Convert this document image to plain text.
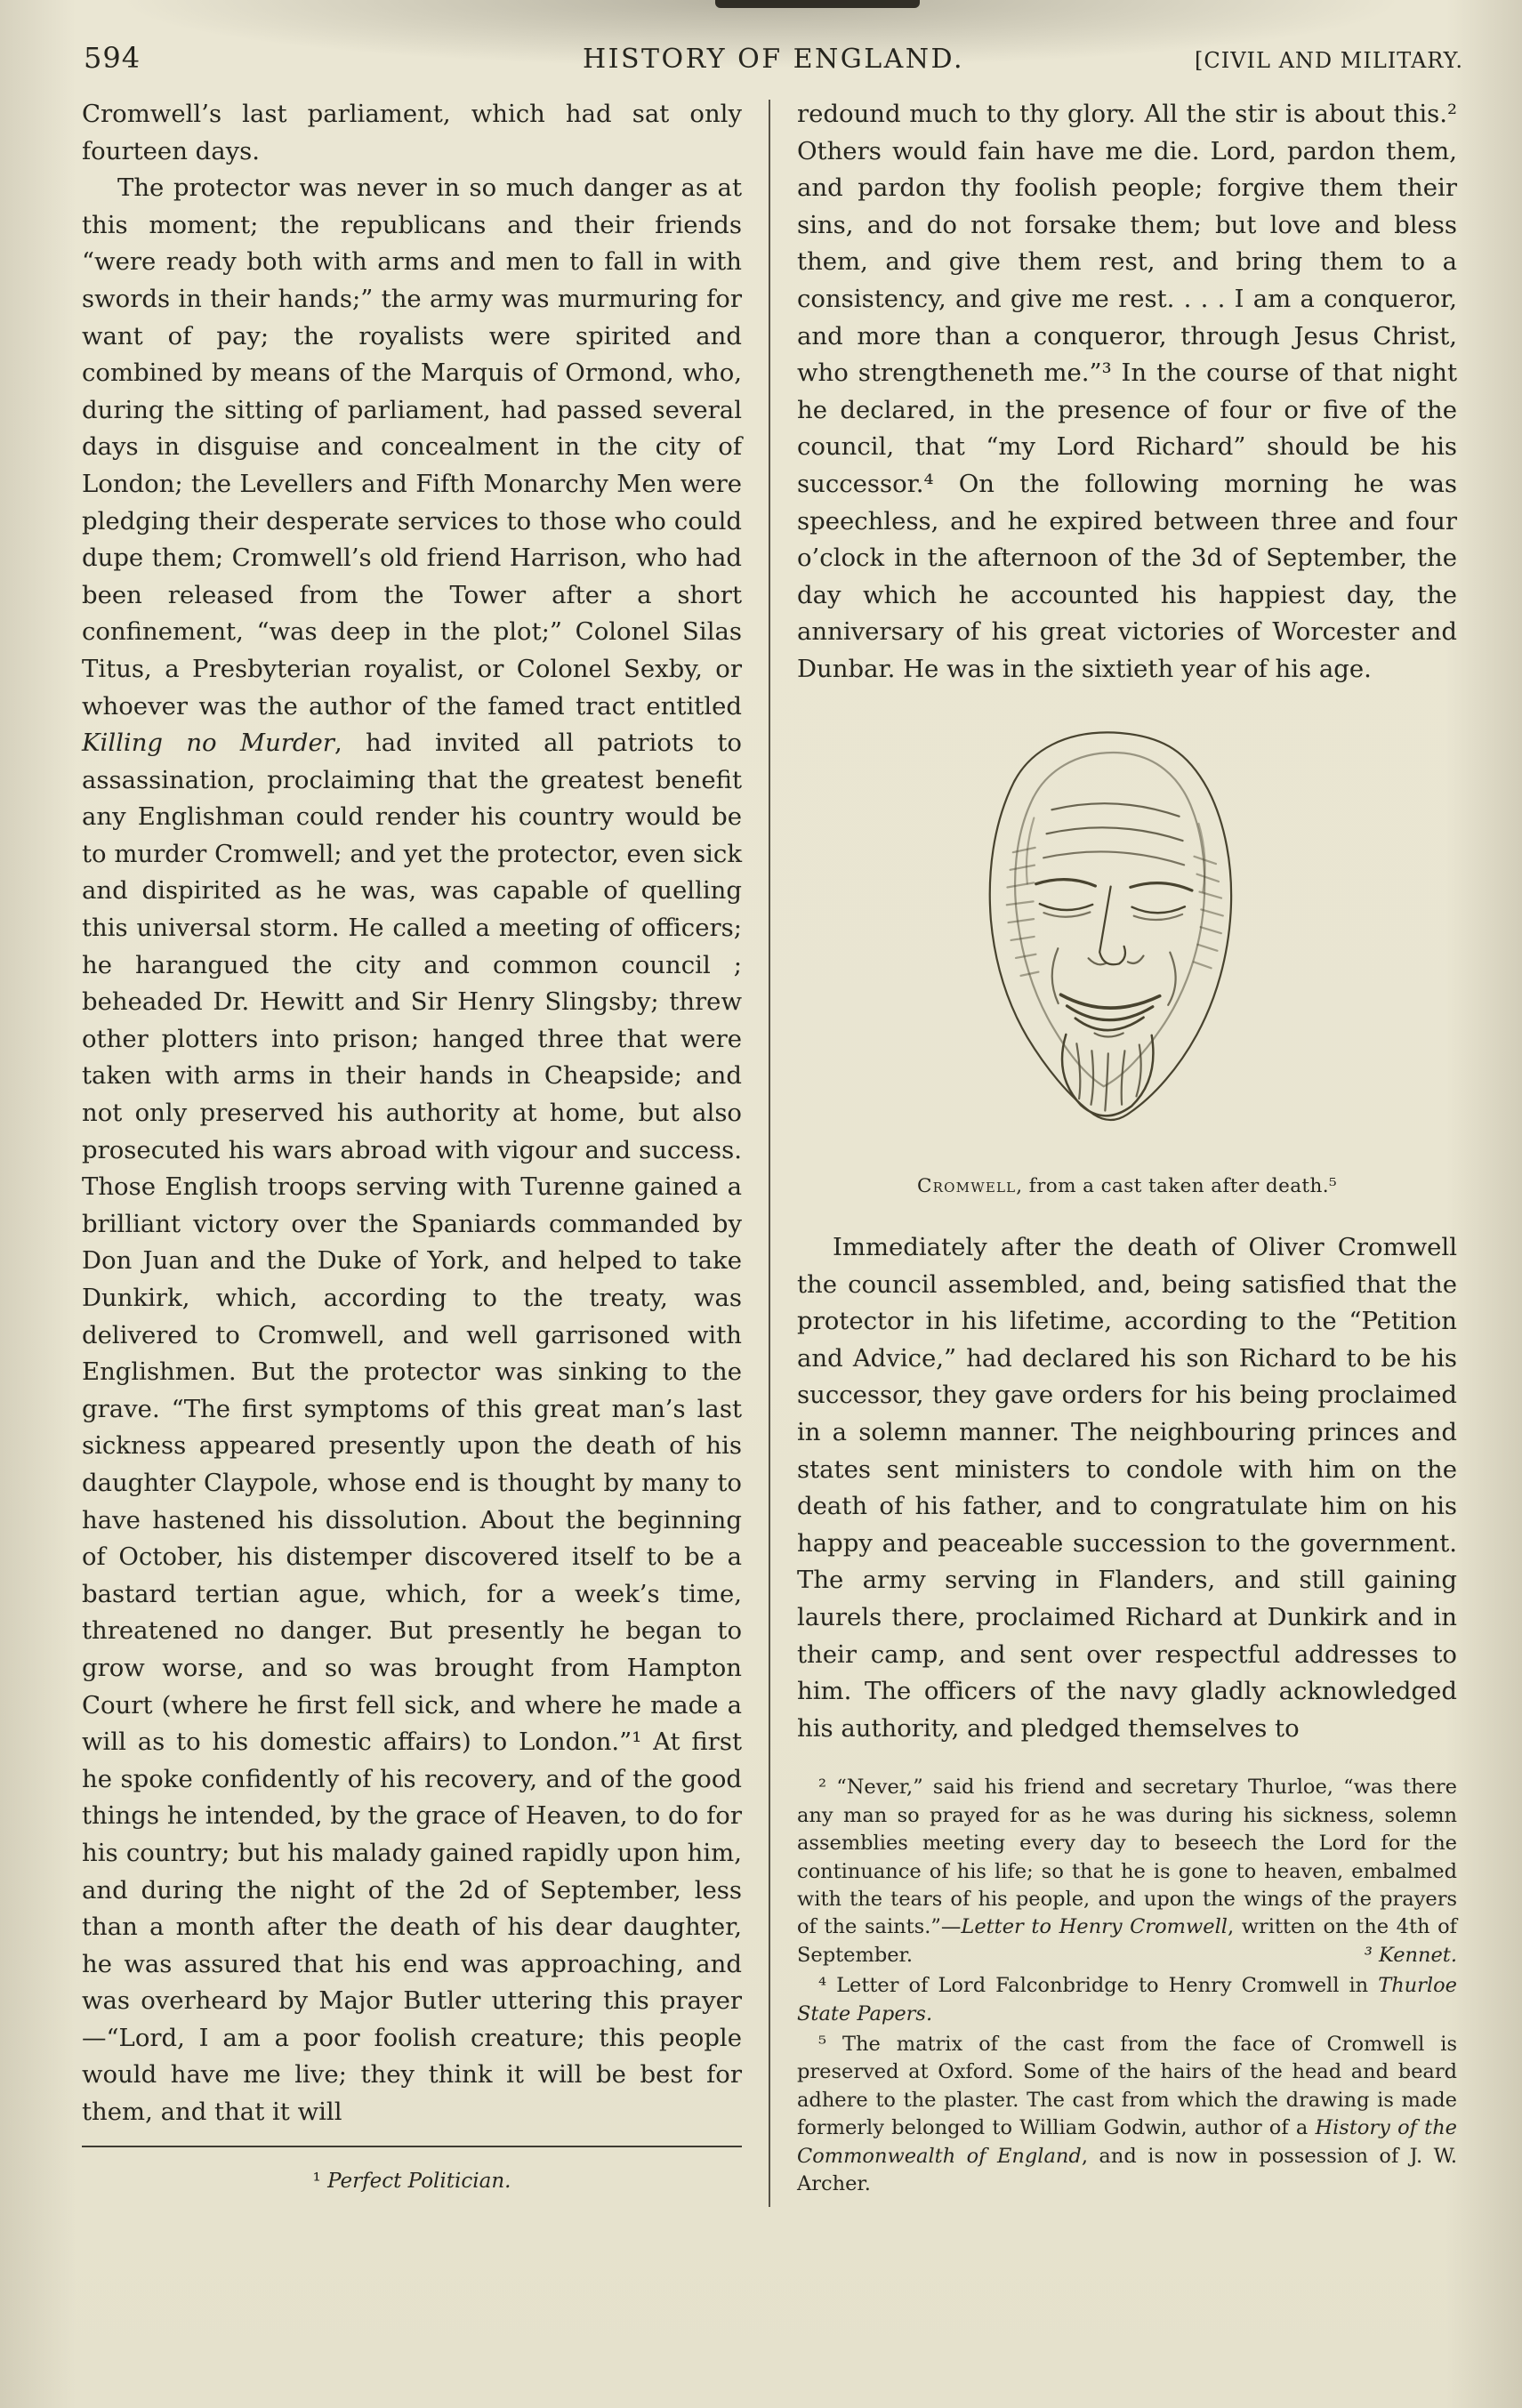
594	HISTORY OF ENGLAND.	[CIVIL AND MILITARY.

Cromwell’s last parliament, which had sat only fourteen days.

The protector was never in so much danger as at this moment; the republicans and their friends “were ready both with arms and men to fall in with swords in their hands;” the army was murmuring for want of pay; the royalists were spirited and combined by means of the Marquis of Ormond, who, during the sitting of parliament, had passed several days in disguise and concealment in the city of London; the Levellers and Fifth Monarchy Men were pledging their desperate services to those who could dupe them; Cromwell’s old friend Harrison, who had been released from the Tower after a short confinement, “was deep in the plot;” Colonel Silas Titus, a Presbyterian royalist, or Colonel Sexby, or whoever was the author of the famed tract entitled Killing no Murder, had invited all patriots to assassination, proclaiming that the greatest benefit any Englishman could render his country would be to murder Cromwell; and yet the protector, even sick and dispirited as he was, was capable of quelling this universal storm. He called a meeting of officers; he harangued the city and common council ; beheaded Dr. Hewitt and Sir Henry Slingsby; threw other plotters into prison; hanged three that were taken with arms in their hands in Cheapside; and not only preserved his authority at home, but also prosecuted his wars abroad with vigour and success. Those English troops serving with Turenne gained a brilliant victory over the Spaniards commanded by Don Juan and the Duke of York, and helped to take Dunkirk, which, according to the treaty, was delivered to Cromwell, and well garrisoned with Englishmen. But the protector was sinking to the grave. “The first symptoms of this great man’s last sickness appeared presently upon the death of his daughter Claypole, whose end is thought by many to have hastened his dissolution. About the beginning of October, his distemper discovered itself to be a bastard tertian ague, which, for a week’s time, threatened no danger. But presently he began to grow worse, and so was brought from Hampton Court (where he first fell sick, and where he made a will as to his domestic affairs) to London.”¹ At first he spoke confidently of his recovery, and of the good things he intended, by the grace of Heaven, to do for his country; but his malady gained rapidly upon him, and during the night of the 2d of September, less than a month after the death of his dear daughter, he was assured that his end was approaching, and was overheard by Major Butler uttering this prayer—“Lord, I am a poor foolish creature; this people would have me live; they think it will be best for them, and that it will

¹ Perfect Politician.

redound much to thy glory. All the stir is about this.² Others would fain have me die. Lord, pardon them, and pardon thy foolish people; forgive them their sins, and do not forsake them; but love and bless them, and give them rest, and bring them to a consistency, and give me rest. . . . I am a conqueror, and more than a conqueror, through Jesus Christ, who strengtheneth me.”³ In the course of that night he declared, in the presence of four or five of the council, that “my Lord Richard” should be his successor.⁴ On the following morning he was speechless, and he expired between three and four o’clock in the afternoon of the 3d of September, the day which he accounted his happiest day, the anniversary of his great victories of Worcester and Dunbar. He was in the sixtieth year of his age.

Cromwell, from a cast taken after death.⁵

Immediately after the death of Oliver Cromwell the council assembled, and, being satisfied that the protector in his lifetime, according to the “Petition and Advice,” had declared his son Richard to be his successor, they gave orders for his being proclaimed in a solemn manner. The neighbouring princes and states sent ministers to condole with him on the death of his father, and to congratulate him on his happy and peaceable succession to the government. The army serving in Flanders, and still gaining laurels there, proclaimed Richard at Dunkirk and in their camp, and sent over respectful addresses to him. The officers of the navy gladly acknowledged his authority, and pledged themselves to

² “Never,” said his friend and secretary Thurloe, “was there any man so prayed for as he was during his sickness, solemn assemblies meeting every day to beseech the Lord for the continuance of his life; so that he is gone to heaven, embalmed with the tears of his people, and upon the wings of the prayers of the saints.”—Letter to Henry Cromwell, written on the 4th of September.	³ Kennet.

⁴ Letter of Lord Falconbridge to Henry Cromwell in Thurloe State Papers.

⁵ The matrix of the cast from the face of Cromwell is preserved at Oxford. Some of the hairs of the head and beard adhere to the plaster. The cast from which the drawing is made formerly belonged to William Godwin, author of a History of the Commonwealth of England, and is now in possession of J. W. Archer.
